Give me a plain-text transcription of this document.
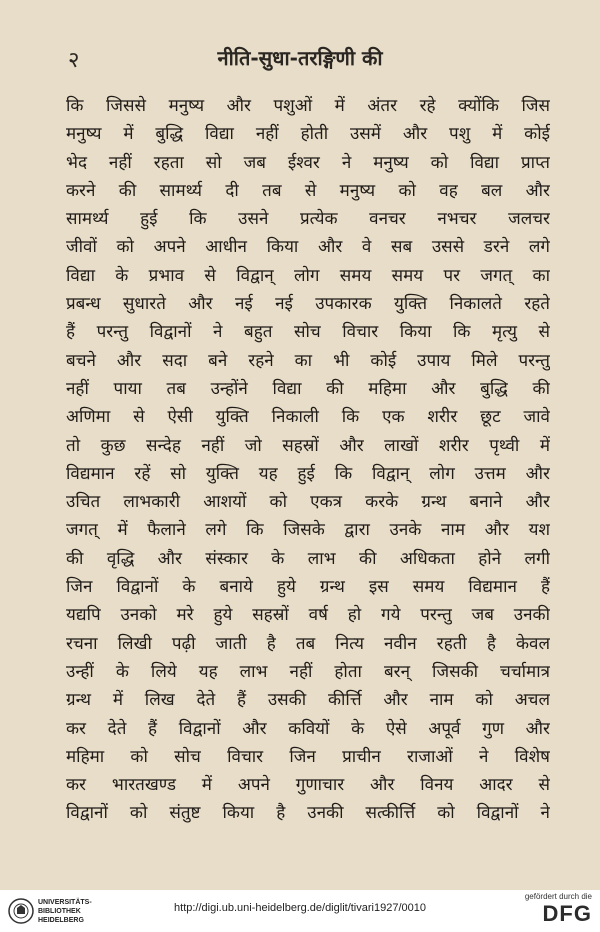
२	नीति-सुधा-तरङ्गिणी की
कि जिससे मनुष्य और पशुओं में अंतर रहे क्योंकि जिस
मनुष्य में बुद्धि विद्या नहीं होती उसमें और पशु में कोई
भेद नहीं रहता सो जब ईश्वर ने मनुष्य को विद्या प्राप्त
करने की सामर्थ्य दी तब से मनुष्य को वह बल और
सामर्थ्य हुई कि उसने प्रत्येक वनचर नभचर जलचर
जीवों को अपने आधीन किया और वे सब उससे डरने लगे
विद्या के प्रभाव से विद्वान् लोग समय समय पर जगत् का
प्रबन्ध सुधारते और नई नई उपकारक युक्ति निकालते रहते
हैं परन्तु विद्वानों ने बहुत सोच विचार किया कि मृत्यु से
बचने और सदा बने रहने का भी कोई उपाय मिले परन्तु
नहीं पाया तब उन्होंने विद्या की महिमा और बुद्धि की
अणिमा से ऐसी युक्ति निकाली कि एक शरीर छूट जावे
तो कुछ सन्देह नहीं जो सहस्रों और लाखों शरीर पृथ्वी में
विद्यमान रहें सो युक्ति यह हुई कि विद्वान् लोग उत्तम और
उचित लाभकारी आशयों को एकत्र करके ग्रन्थ बनाने और
जगत् में फैलाने लगे कि जिसके द्वारा उनके नाम और यश
की वृद्धि और संस्कार के लाभ की अधिकता होने लगी
जिन विद्वानों के बनाये हुये ग्रन्थ इस समय विद्यमान हैं
यद्यपि उनको मरे हुये सहस्रों वर्ष हो गये परन्तु जब उनकी
रचना लिखी पढ़ी जाती है तब नित्य नवीन रहती है केवल
उन्हीं के लिये यह लाभ नहीं होता बरन् जिसकी चर्चामात्र
ग्रन्थ में लिख देते हैं उसकी कीर्त्ति और नाम को अचल
कर देते हैं विद्वानों और कवियों के ऐसे अपूर्व गुण और
महिमा को सोच विचार जिन प्राचीन राजाओं ने विशेष
कर भारतखण्ड में अपने गुणाचार और विनय आदर से
विद्वानों को संतुष्ट किया है उनकी सत्कीर्त्ति को विद्वानों ने
UNIVERSITÄTS-
BIBLIOTHEK
HEIDELBERG
http://digi.ub.uni-heidelberg.de/diglit/tivari1927/0010
gefördert durch die
DFG
